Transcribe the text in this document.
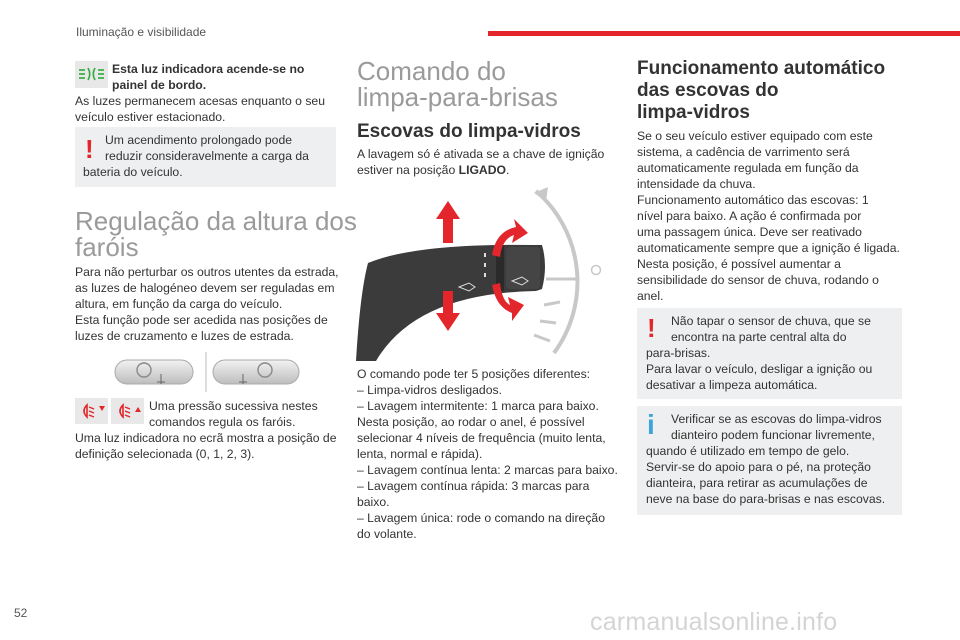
Iluminação e visibilidade

Esta luz indicadora acende-se no
painel de bordo.

As luzes permanecem acesas enquanto o seu
veículo estiver estacionado.

! Um acendimento prolongado pode
reduzir consideravelmente a carga da

bateria do veículo.

Regulação da altura dos
faróis

Para não perturbar os outros utentes da estrada,
as luzes de halogéneo devem ser reguladas em
altura, em função da carga do veículo.
Esta função pode ser acedida nas posições de
luzes de cruzamento e luzes de estrada.

Uma pressão sucessiva nestes
comandos regula os faróis.

Uma luz indicadora no ecrã mostra a posição de
definição selecionada (0, 1, 2, 3).

Comando do
limpa-para-brisas
Escovas do limpa-vidros

A lavagem só é ativada se a chave de ignição
estiver na posição LIGADO.

O comando pode ter 5 posições diferentes:
– Limpa-vidros desligados.
– Lavagem intermitente: 1 marca para baixo.
Nesta posição, ao rodar o anel, é possível
selecionar 4 níveis de frequência (muito lenta,
lenta, normal e rápida).
– Lavagem contínua lenta: 2 marcas para baixo.
– Lavagem contínua rápida: 3 marcas para
baixo.
– Lavagem única: rode o comando na direção
do volante.

Funcionamento automático
das escovas do
limpa-vidros

Se o seu veículo estiver equipado com este
sistema, a cadência de varrimento será
automaticamente regulada em função da
intensidade da chuva.
Funcionamento automático das escovas: 1
nível para baixo. A ação é confirmada por
uma passagem única. Deve ser reativado
automaticamente sempre que a ignição é ligada.
Nesta posição, é possível aumentar a
sensibilidade do sensor de chuva, rodando o
anel.

! Não tapar o sensor de chuva, que se
encontra na parte central alta do

para-brisas.
Para lavar o veículo, desligar a ignição ou
desativar a limpeza automática.

i Verificar se as escovas do limpa-vidros
dianteiro podem funcionar livremente,

quando é utilizado em tempo de gelo.
Servir-se do apoio para o pé, na proteção
dianteira, para retirar as acumulações de
neve na base do para-brisas e nas escovas.

52	carmanualsonline.info
